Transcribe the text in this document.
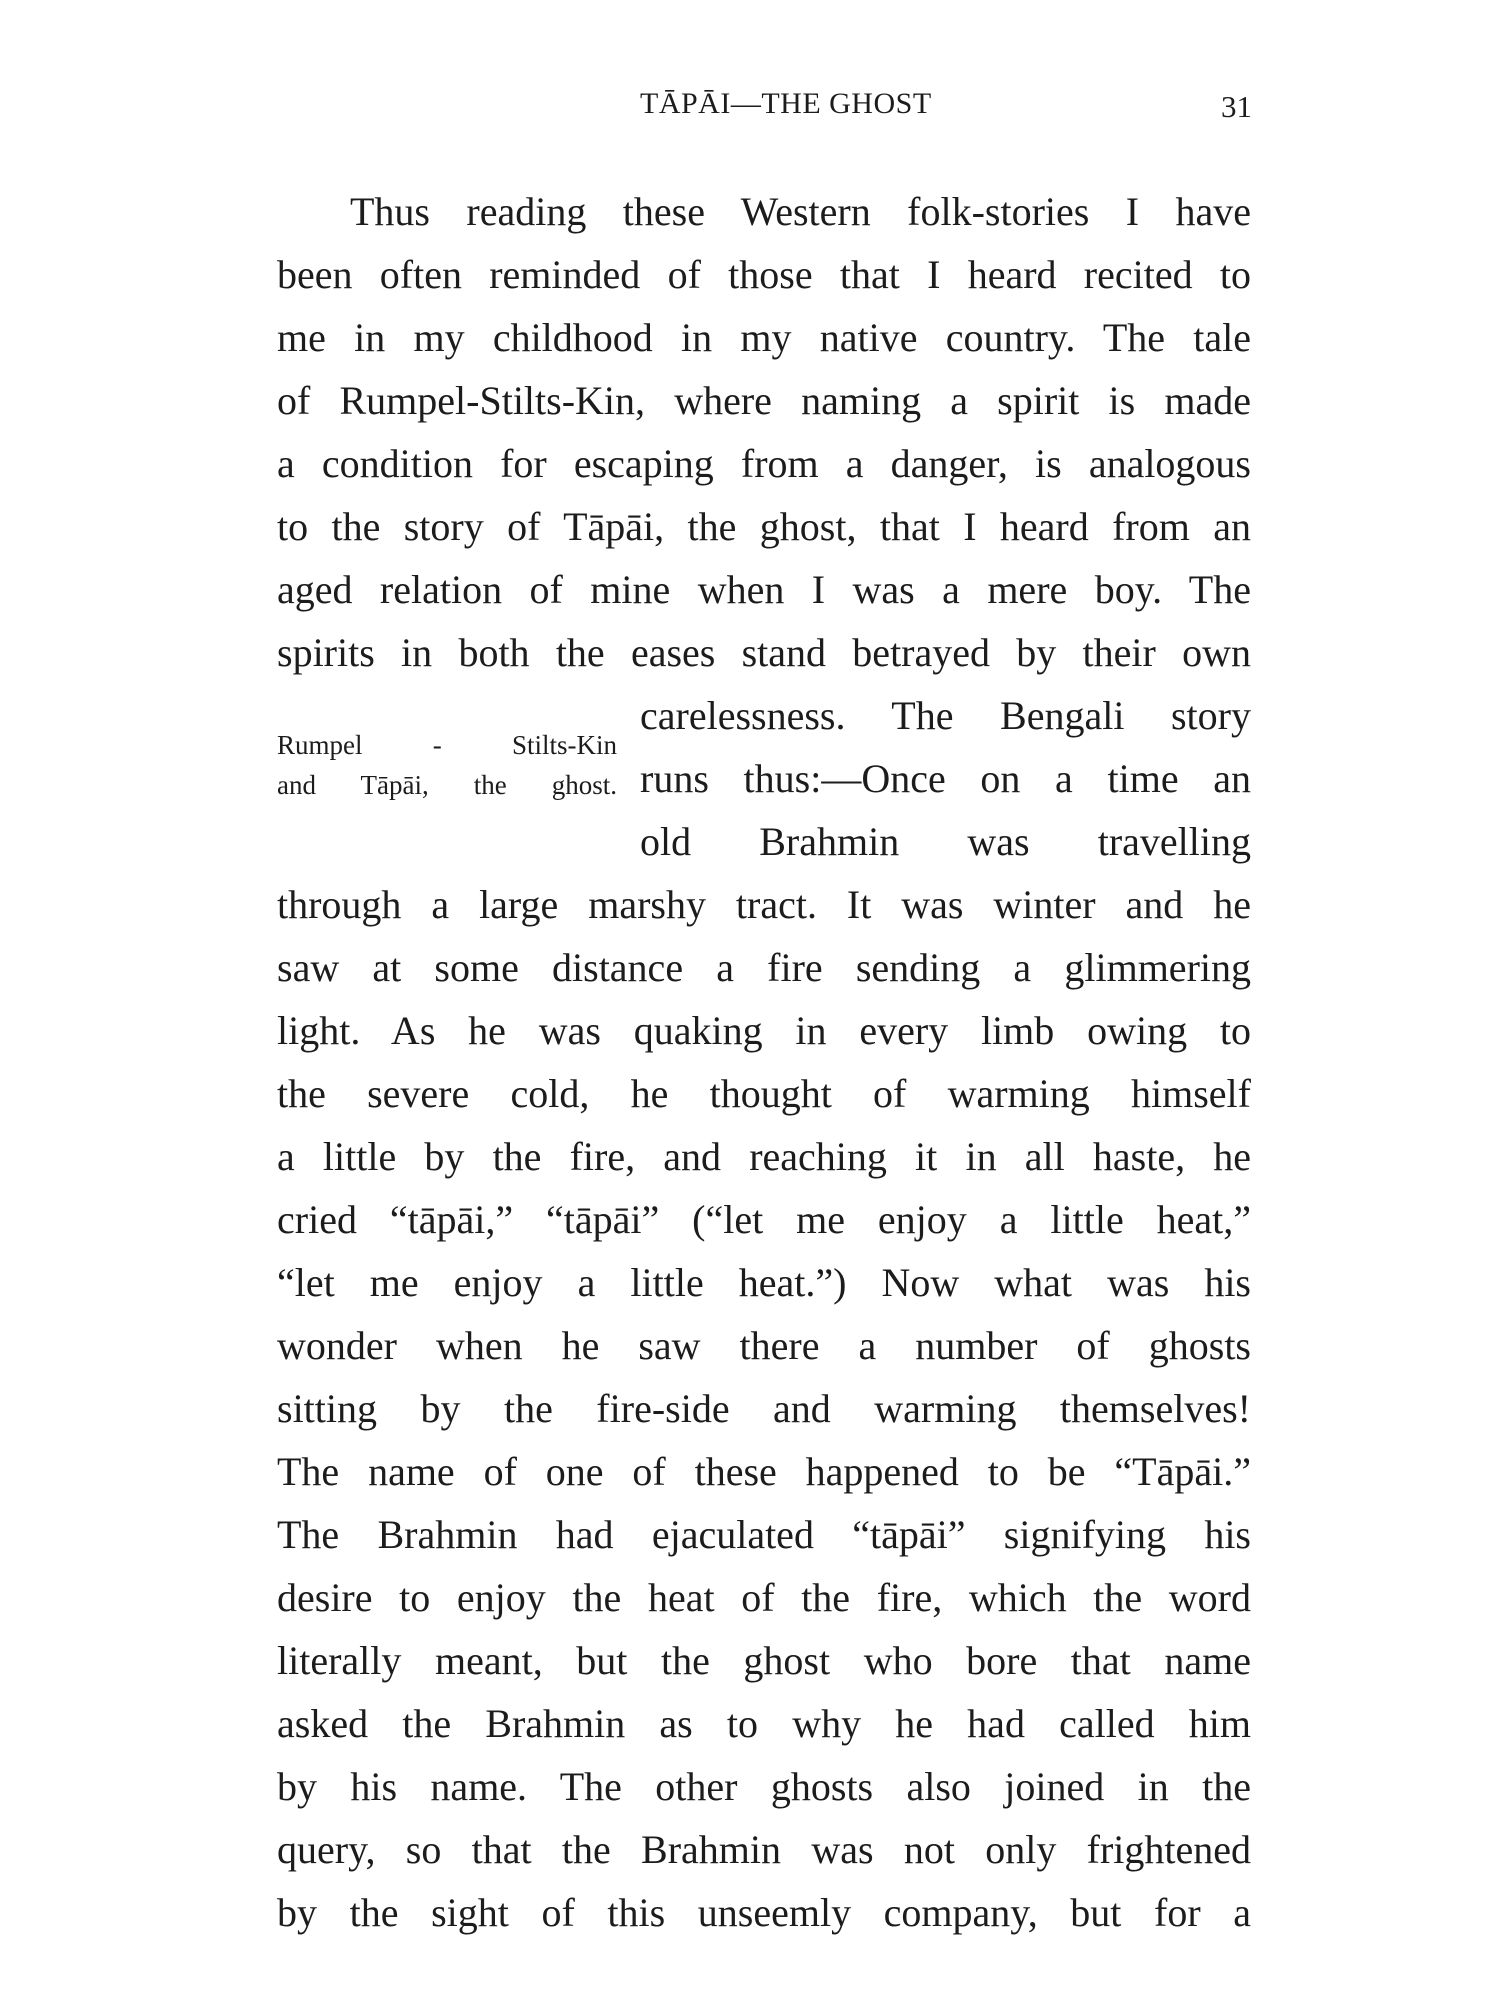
TĀPĀI—THE GHOST	31
Thus reading these Western folk-stories I have
been often reminded of those that I heard recited to
me in my childhood in my native country. The tale
of Rumpel-Stilts-Kin, where naming a spirit is made
a condition for escaping from a danger, is analogous
to the story of Tāpāi, the ghost, that I heard from an
aged relation of mine when I was a mere boy. The
spirits in both the eases stand betrayed by their own
carelessness. The Bengali story
runs thus:—Once on a time an
old Brahmin was travelling
through a large marshy tract. It was winter and he
saw at some distance a fire sending a glimmering
light. As he was quaking in every limb owing to
the severe cold, he thought of warming himself
a little by the fire, and reaching it in all haste, he
cried “tāpāi,” “tāpāi” (“let me enjoy a little heat,”
“let me enjoy a little heat.”) Now what was his
wonder when he saw there a number of ghosts
sitting by the fire-side and warming themselves!
The name of one of these happened to be “Tāpāi.”
The Brahmin had ejaculated “tāpāi” signifying his
desire to enjoy the heat of the fire, which the word
literally meant, but the ghost who bore that name
asked the Brahmin as to why he had called him
by his name. The other ghosts also joined in the
query, so that the Brahmin was not only frightened
by the sight of this unseemly company, but for a
Rumpel - Stilts-Kin
and Tāpāi, the ghost.
